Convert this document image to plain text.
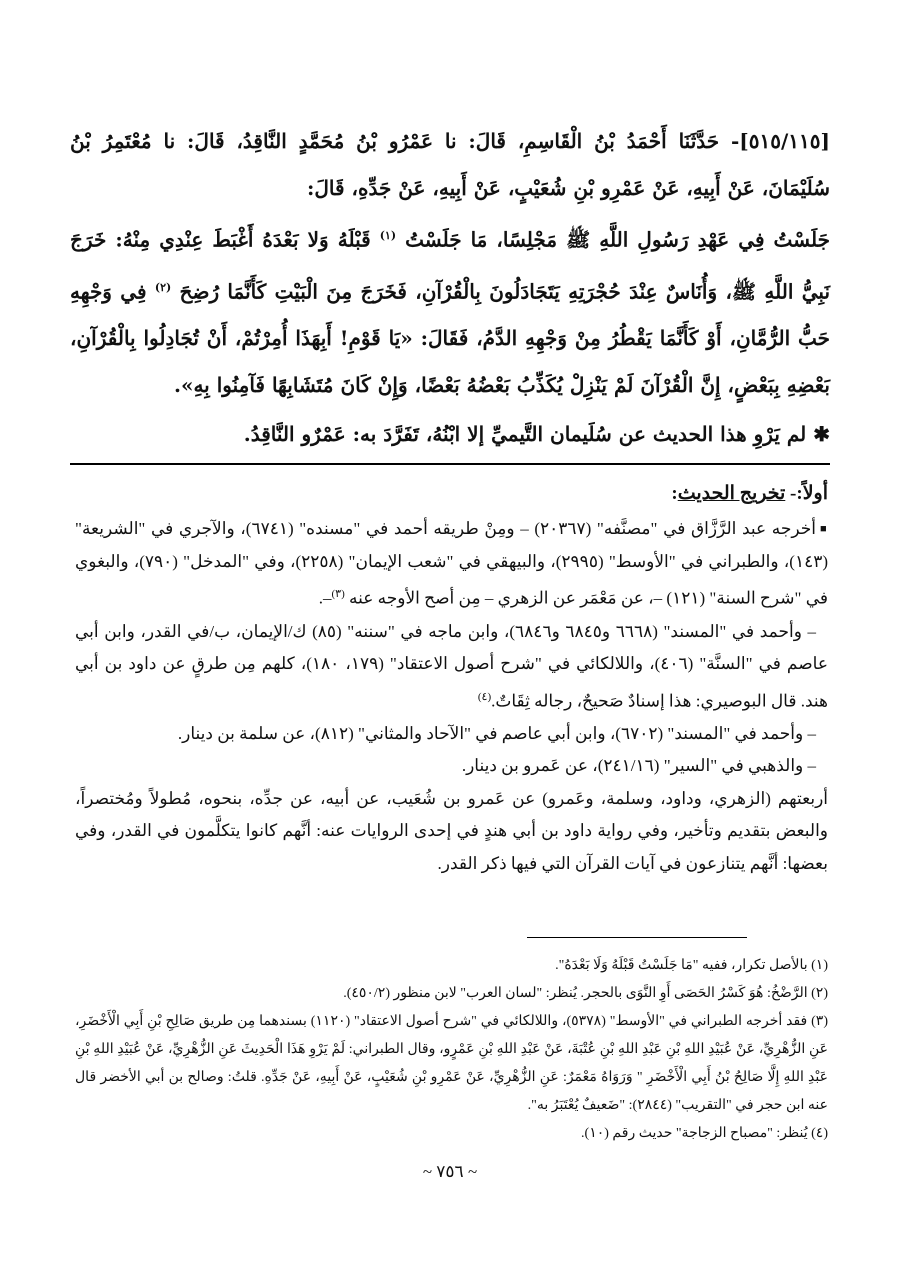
[٥١٥/١١٥]- حَدَّثَنَا أَحْمَدُ بْنُ الْقَاسِمِ، قَالَ: نا عَمْرُو بْنُ مُحَمَّدٍ النَّاقِدُ، قَالَ: نا مُعْتَمِرُ بْنُ سُلَيْمَانَ، عَنْ أَبِيهِ، عَنْ عَمْرِو بْنِ شُعَيْبٍ، عَنْ أَبِيهِ، عَنْ جَدِّهِ، قَالَ:

جَلَسْتُ فِي عَهْدِ رَسُولِ اللَّهِ ﷺ مَجْلِسًا، مَا جَلَسْتُ $^{(١)}$ قَبْلَهُ وَلا بَعْدَهُ أَغْبَطَ عِنْدِي مِنْهُ: خَرَجَ نَبِيُّ اللَّهِ ﷺ، وَأُنَاسٌ عِنْدَ حُجْرَتِهِ يَتَجَادَلُونَ بِالْقُرْآنِ، فَخَرَجَ مِنَ الْبَيْتِ كَأَنَّمَا رُضِحَ $^{(٢)}$ فِي وَجْهِهِ حَبُّ الرُّمَّانِ، أَوْ كَأَنَّمَا يَقْطُرُ مِنْ وَجْهِهِ الدَّمُ، فَقَالَ: «يَا قَوْمِ! أَبِهَذَا أُمِرْتُمْ، أَنْ تُجَادِلُوا بِالْقُرْآنِ، بَعْضِهِ بِبَعْضٍ، إِنَّ الْقُرْآنَ لَمْ يَنْزِلْ يُكَذِّبُ بَعْضُهُ بَعْضًا، وَإِنْ كَانَ مُتَشَابِهًا فَآمِنُوا بِهِ».

✱ لم يَرْوِ هذا الحديث عن سُلَيمان التَّيميِّ إلا ابْنُهُ، تَفَرَّدَ به: عَمْرٌو النَّاقِدُ.

أولاً:- تخريج الحديث:

■أخرجه عبد الرَّزَّاق في "مصنَّفه" (٢٠٣٦٧) – ومِنْ طريقه أحمد في "مسنده" (٦٧٤١)، والآجري في "الشريعة" (١٤٣)، والطبراني في "الأوسط" (٢٩٩٥)، والبيهقي في "شعب الإيمان" (٢٢٥٨)، وفي "المدخل" (٧٩٠)، والبغوي في "شرح السنة" (١٢١) –، عن مَعْمَر عن الزهري – مِن أصح الأوجه عنه $^{(٣)}$–.

– وأحمد في "المسند" (٦٦٦٨ و٦٨٤٥ و٦٨٤٦)، وابن ماجه في "سننه" (٨٥) ك/الإيمان، ب/في القدر، وابن أبي عاصم في "السنَّة" (٤٠٦)، واللالكائي في "شرح أصول الاعتقاد" (١٧٩، ١٨٠)، كلهم مِن طرقٍ عن داود بن أبي هند. قال البوصيري: هذا إسنادٌ صَحيحٌ، رجاله ثِقَاتٌ.$^{(٤)}$

– وأحمد في "المسند" (٦٧٠٢)، وابن أبي عاصم في "الآحاد والمثاني" (٨١٢)، عن سلمة بن دينار.

– والذهبي في "السير" (٢٤١/١٦)، عن عَمرو بن دينار.

أربعتهم (الزهري، وداود، وسلمة، وعَمرو) عن عَمرو بن شُعَيب، عن أبيه، عن جدِّه، بنحوه، مُطولاً ومُختصراً، والبعض بتقديم وتأخير، وفي رواية داود بن أبي هندٍ في إحدى الروايات عنه: أنَّهم كانوا يتكلَّمون في القدر، وفي بعضها: أنَّهم يتنازعون في آيات القرآن التي فيها ذكر القدر.

(١) بالأصل تكرار، ففيه "مَا جَلَسْتُ قَبْلَهُ وَلَا بَعْدَهُ".

(٢) الرَّضْخُ: هُوَ كَسْرُ الحَصَى أَوِ النَّوَى بالحجر. يُنظر: "لسان العرب" لابن منظور (٤٥٠/٢).

(٣) فقد أخرجه الطبراني في "الأوسط" (٥٣٧٨)، واللالكائي في "شرح أصول الاعتقاد" (١١٢٠) بسندهما مِن طريق صَالِحِ بْنِ أَبِي الْأَخْضَرِ، عَنِ الزُّهْرِيِّ، عَنْ عُبَيْدِ اللهِ بْنِ عَبْدِ اللهِ بْنِ عُتْبَةَ، عَنْ عَبْدِ اللهِ بْنِ عَمْرٍو، وقال الطبراني: لَمْ يَرْوِ هَذَا الْحَدِيثَ عَنِ الزُّهْرِيِّ، عَنْ عُبَيْدِ اللهِ بْنِ عَبْدِ اللهِ إِلَّا صَالِحُ بْنُ أَبِي الْأَخْضَرِ " وَرَوَاهُ مَعْمَرٌ: عَنِ الزُّهْرِيِّ، عَنْ عَمْرِو بْنِ شُعَيْبٍ، عَنْ أَبِيهِ، عَنْ جَدِّهِ. قلتُ: وصالح بن أبي الأخضر قال عنه ابن حجر في "التقريب" (٢٨٤٤): "ضَعيفٌ يُعْتَبَرُ به".

(٤) يُنظر: "مصباح الزجاجة" حديث رقم (١٠).

~ ٧٥٦ ~
